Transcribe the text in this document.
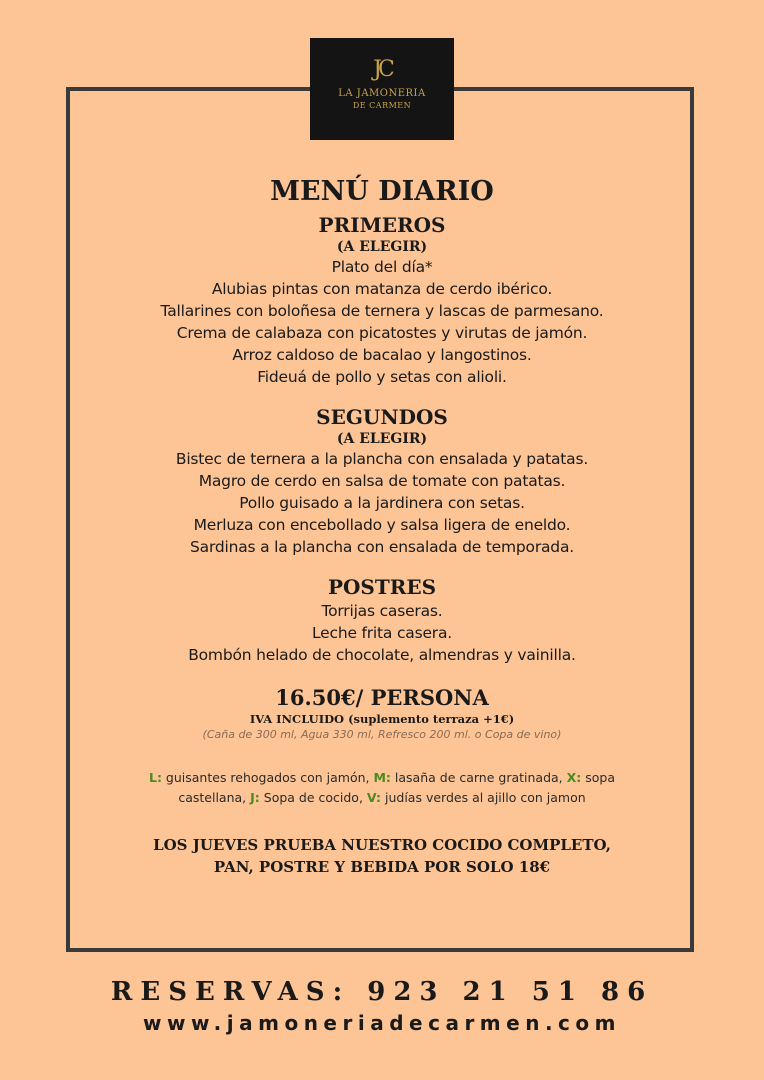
JC
LA JAMONERIA
DE CARMEN
MENÚ DIARIO

PRIMEROS

(A ELEGIR)

Plato del día*

Alubias pintas con matanza de cerdo ibérico.

Tallarines con boloñesa de ternera y lascas de parmesano.

Crema de calabaza con picatostes y virutas de jamón.

Arroz caldoso de bacalao y langostinos.

Fideuá de pollo y setas con alioli.

SEGUNDOS

(A ELEGIR)

Bistec de ternera a la plancha con ensalada y patatas.

Magro de cerdo en salsa de tomate con patatas.

Pollo guisado a la jardinera con setas.

Merluza con encebollado y salsa ligera de eneldo.

Sardinas a la plancha con ensalada de temporada.

POSTRES

Torrijas caseras.

Leche frita casera.

Bombón helado de chocolate, almendras y vainilla.

16.50€/ PERSONA

IVA INCLUIDO (suplemento terraza +1€)

(Caña de 300 ml, Agua 330 ml, Refresco 200 ml. o Copa de vino)

L: guisantes rehogados con jamón, M: lasaña de carne gratinada, X: sopa castellana, J: Sopa de cocido, V: judías verdes al ajillo con jamon

LOS JUEVES PRUEBA NUESTRO COCIDO COMPLETO,

PAN, POSTRE Y BEBIDA POR SOLO 18€

RESERVAS: 923 21 51 86
www.jamoneriadecarmen.com
